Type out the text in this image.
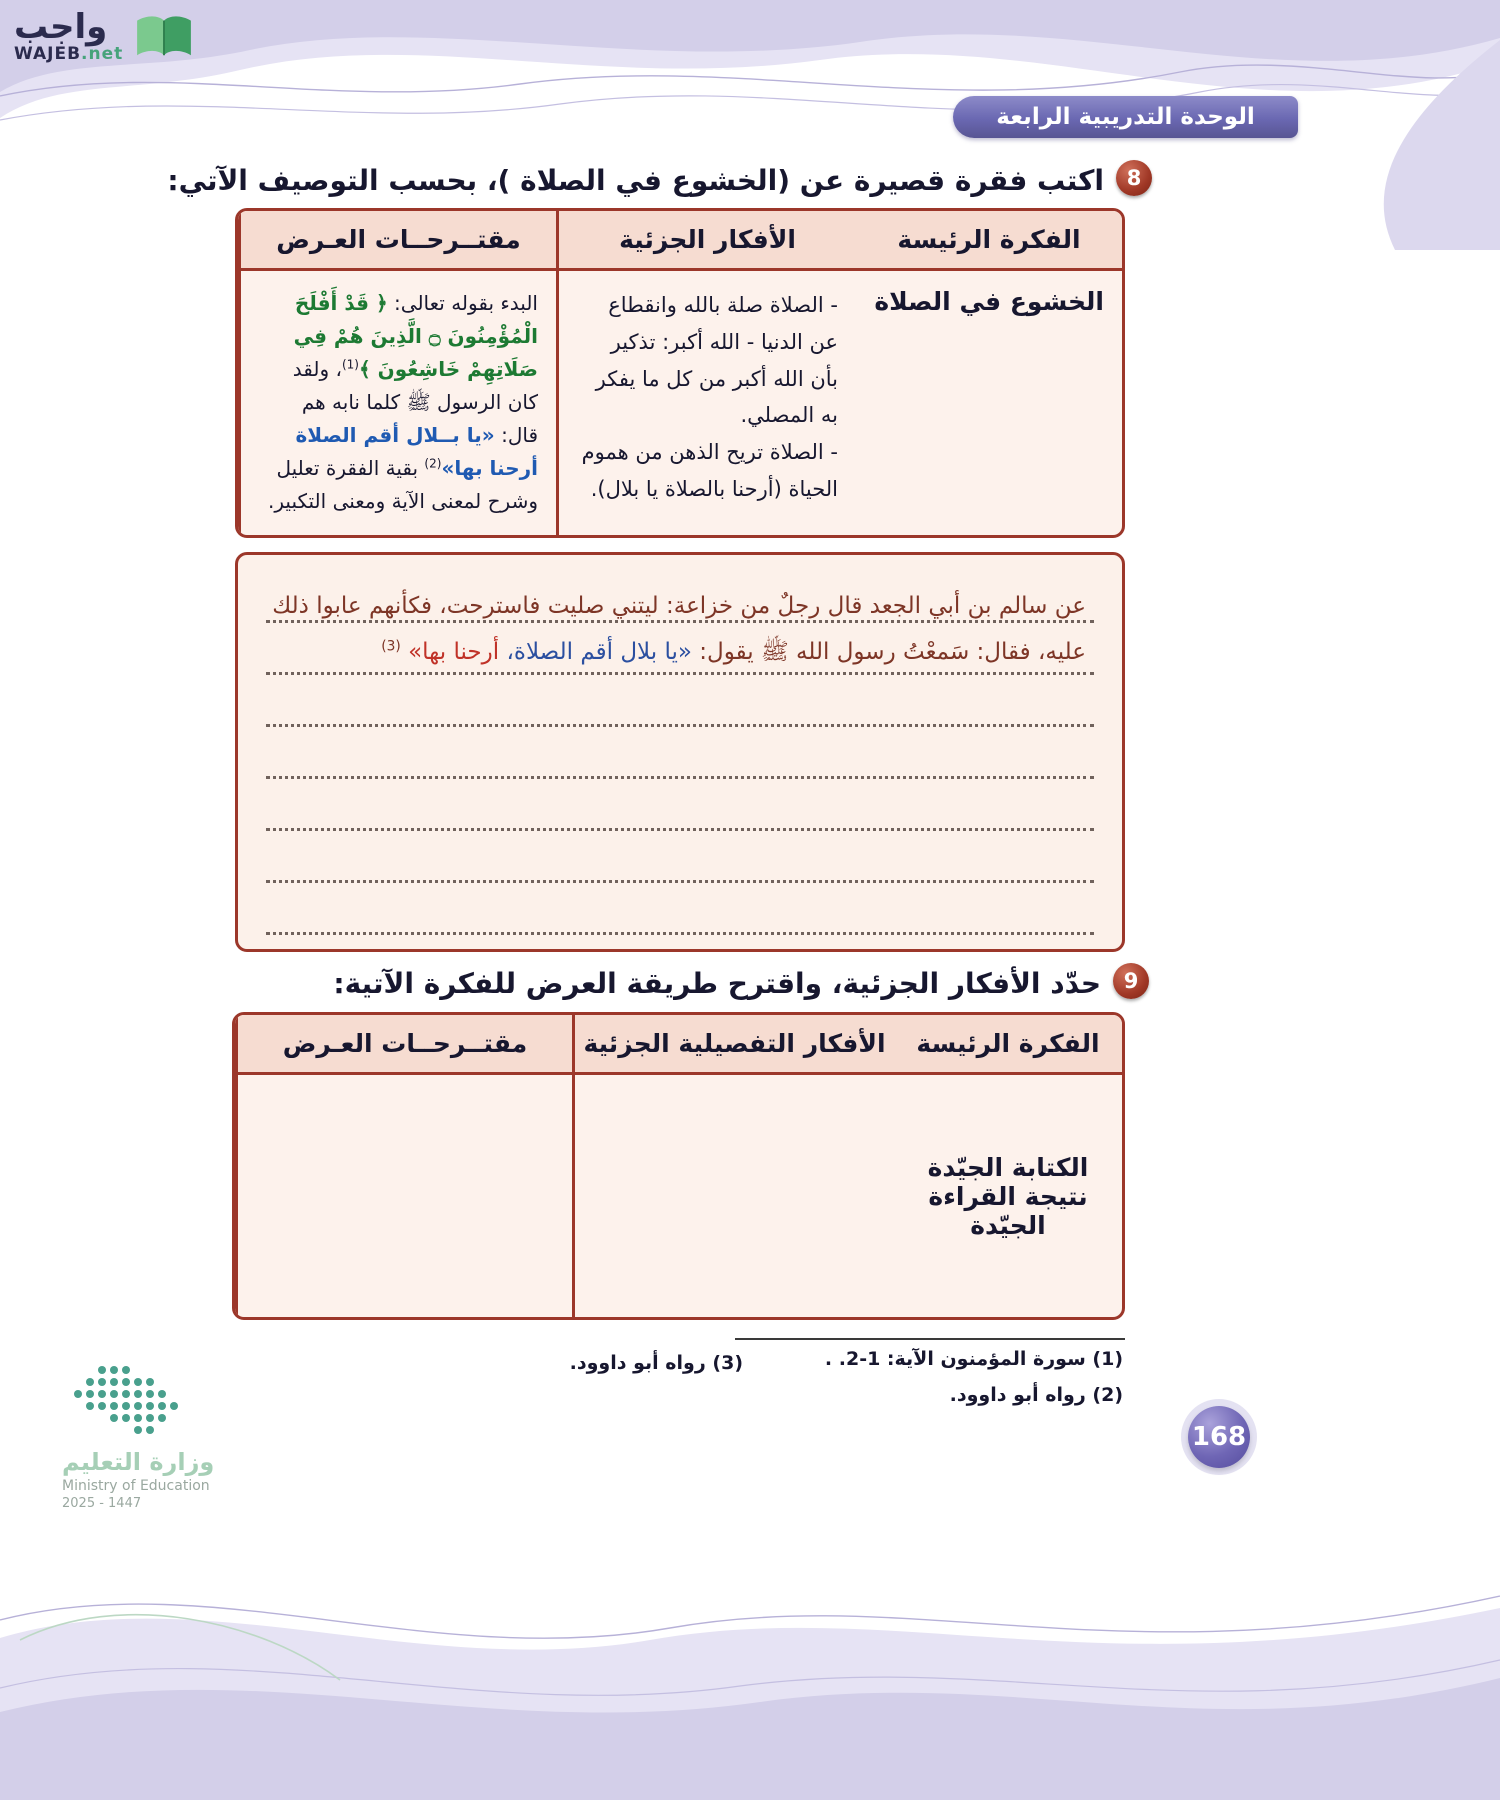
واجب
WAJEB.net
الوحدة التدريبية الرابعة
8
اكتب فقرة قصيرة عن (الخشوع في الصلاة )، بحسب التوصيف الآتي:
الفكرة الرئيسة
الأفكار الجزئية
مقتــرحــات العـرض
الخشوع في الصلاة
- الصلاة صلة بالله وانقطاع عن الدنيا - الله أكبر: تذكير بأن الله أكبر من كل ما يفكر به المصلي.
- الصلاة تريح الذهن من هموم الحياة (أرحنا بالصلاة يا بلال).
البدء بقوله تعالى: ﴿ قَدْ أَفْلَحَ الْمُؤْمِنُونَ ۝ الَّذِينَ هُمْ فِي صَلَاتِهِمْ خَاشِعُونَ ﴾$^{(1)}$، ولقد كان الرسول ﷺ كلما نابه هم قال: «يا بــلال أقم الصلاة أرحنا بها»$^{(2)}$ بقية الفقرة تعليل وشرح لمعنى الآية ومعنى التكبير.
عن سالم بن أبي الجعد قال رجلٌ من خزاعة: ليتني صليت فاسترحت، فكأنهم عابوا ذلك
عليه، فقال: سَمعْتُ رسول الله ﷺ يقول: «يا بلال أقم الصلاة، أرحنا بها» $^{(3)}$
9
حدّد الأفكار الجزئية، واقترح طريقة العرض للفكرة الآتية:
الفكرة الرئيسة
الأفكار التفصيلية الجزئية
مقتــرحــات العـرض
الكتابة الجيّدة نتيجة القراءة الجيّدة
(1) سورة المؤمنون الآية: 1-2. .
(2) رواه أبو داوود.
(3) رواه أبو داوود.
168
وزارة التعليم
Ministry of Education
2025 - 1447
